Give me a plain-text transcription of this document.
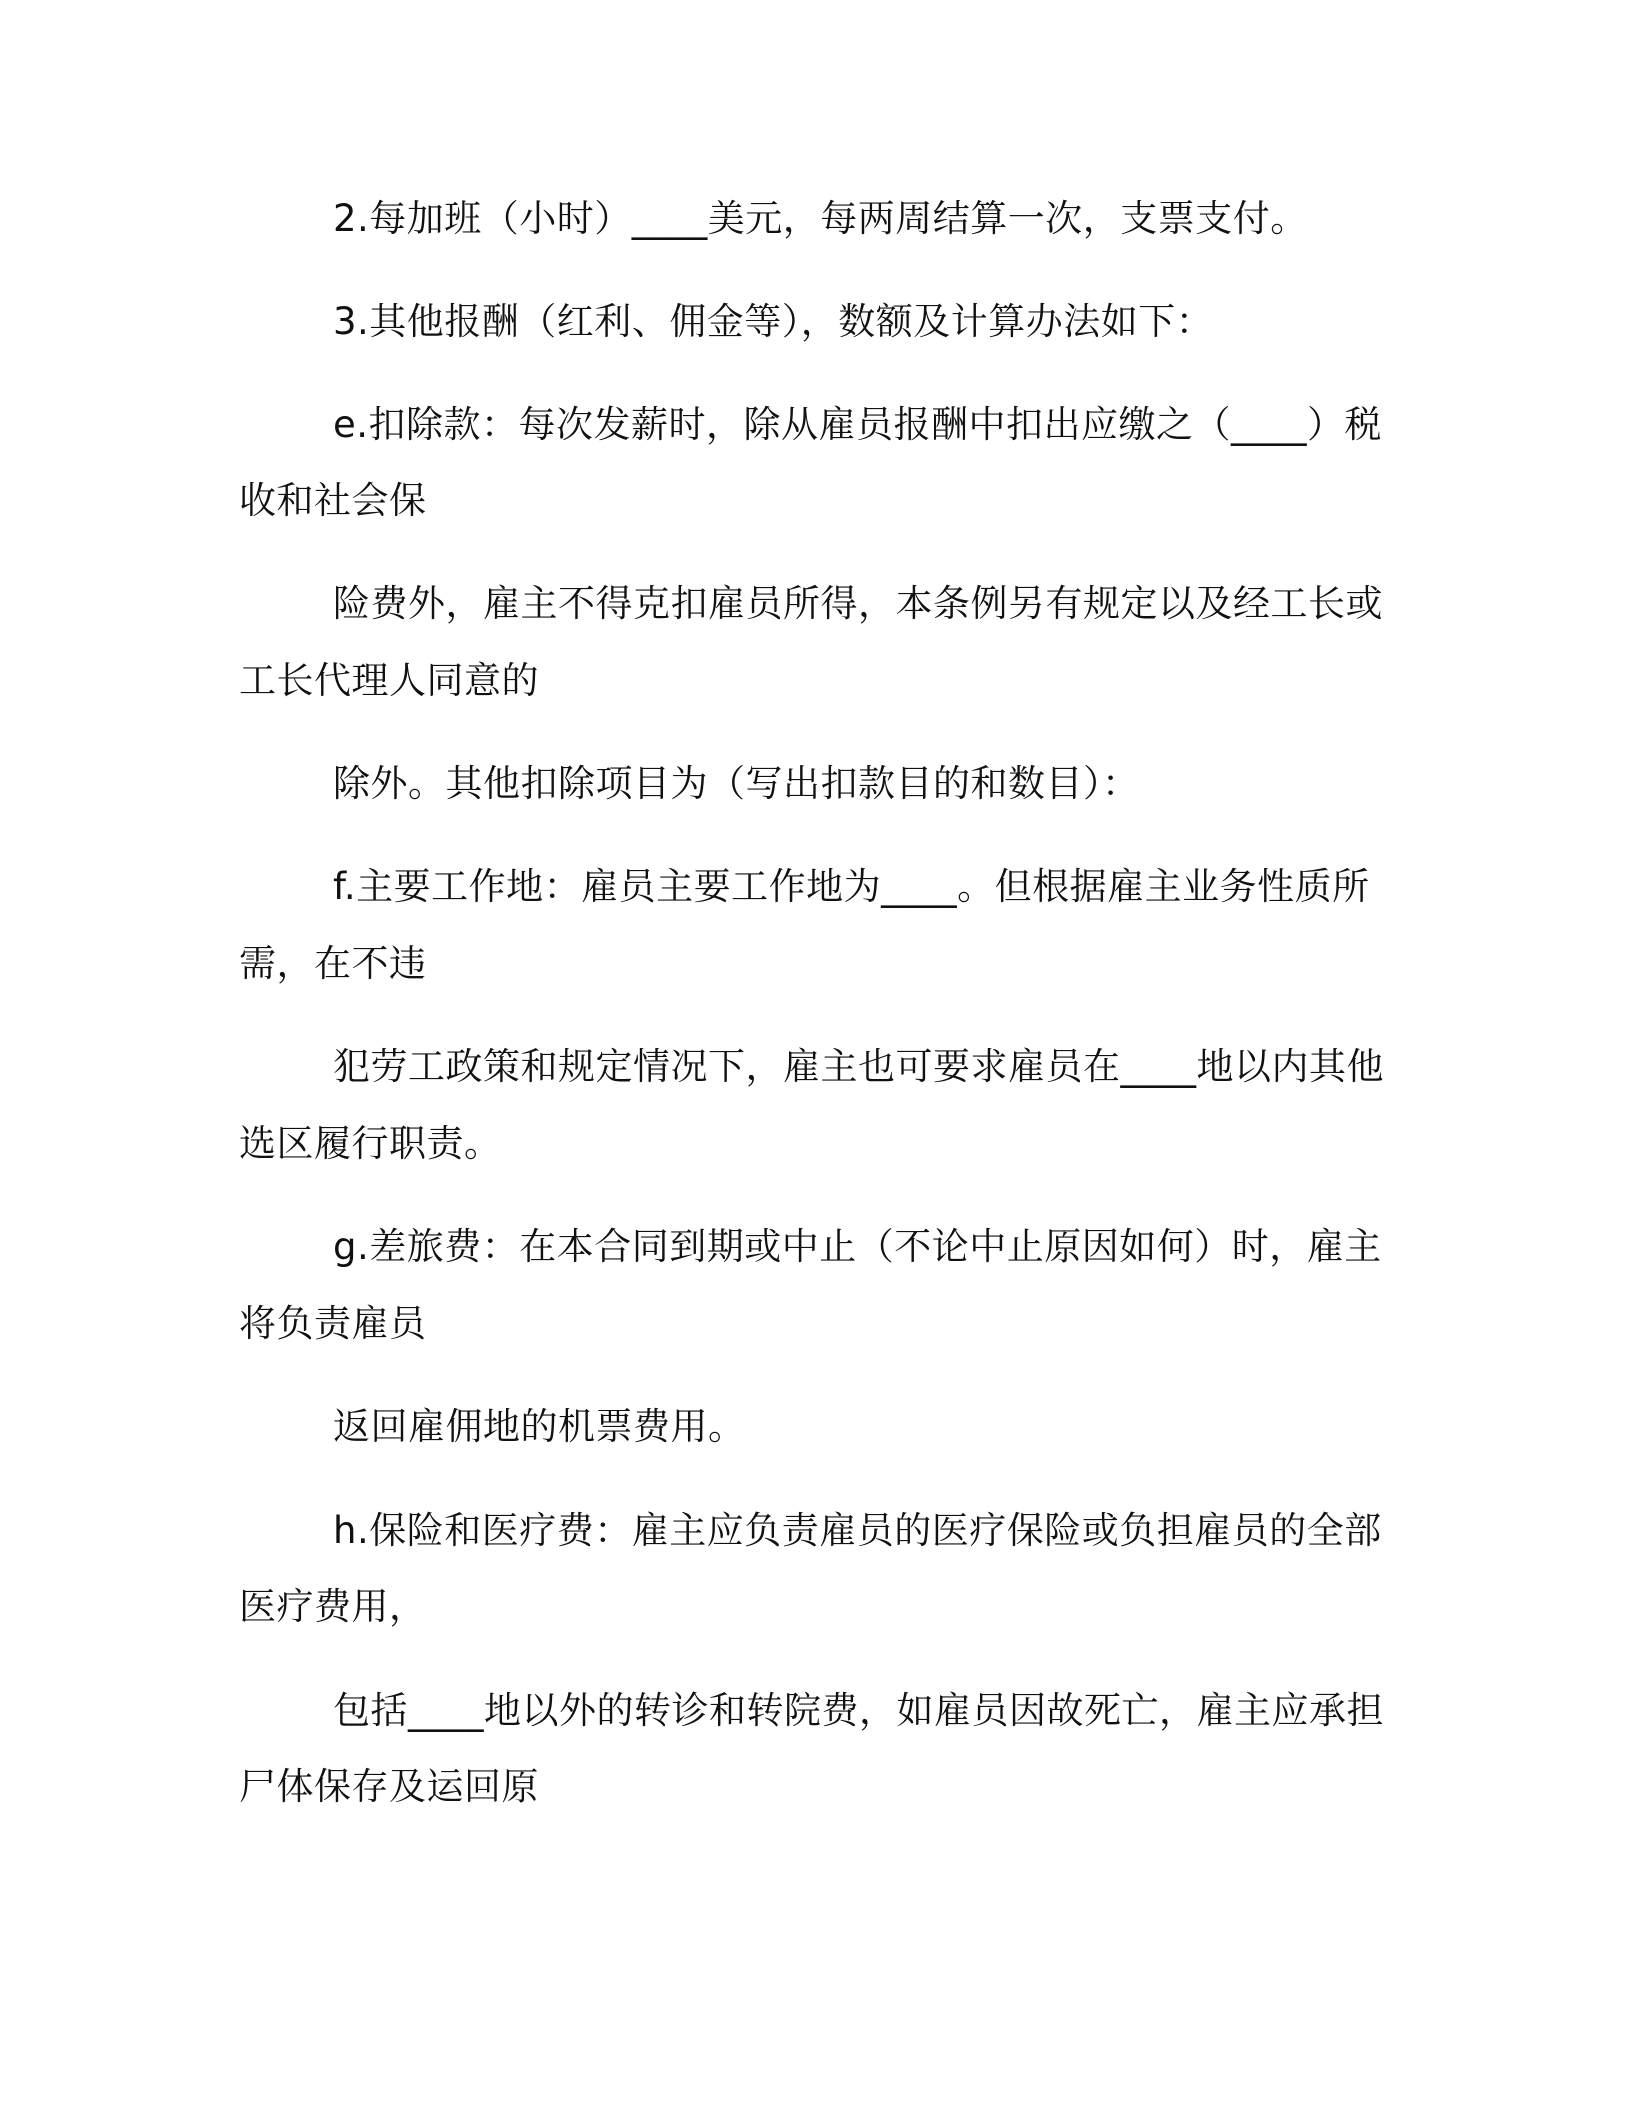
2.每加班（小时）____美元，每两周结算一次，支票支付。
3.其他报酬（红利、佣金等），数额及计算办法如下：
e.扣除款：每次发薪时，除从雇员报酬中扣出应缴之（____）税
收和社会保
险费外，雇主不得克扣雇员所得，本条例另有规定以及经工长或
工长代理人同意的
除外。其他扣除项目为（写出扣款目的和数目）：
f.主要工作地：雇员主要工作地为____。但根据雇主业务性质所
需，在不违
犯劳工政策和规定情况下，雇主也可要求雇员在____地以内其他
选区履行职责。
g.差旅费：在本合同到期或中止（不论中止原因如何）时，雇主
将负责雇员
返回雇佣地的机票费用。
h.保险和医疗费：雇主应负责雇员的医疗保险或负担雇员的全部
医疗费用，
包括____地以外的转诊和转院费，如雇员因故死亡，雇主应承担
尸体保存及运回原
